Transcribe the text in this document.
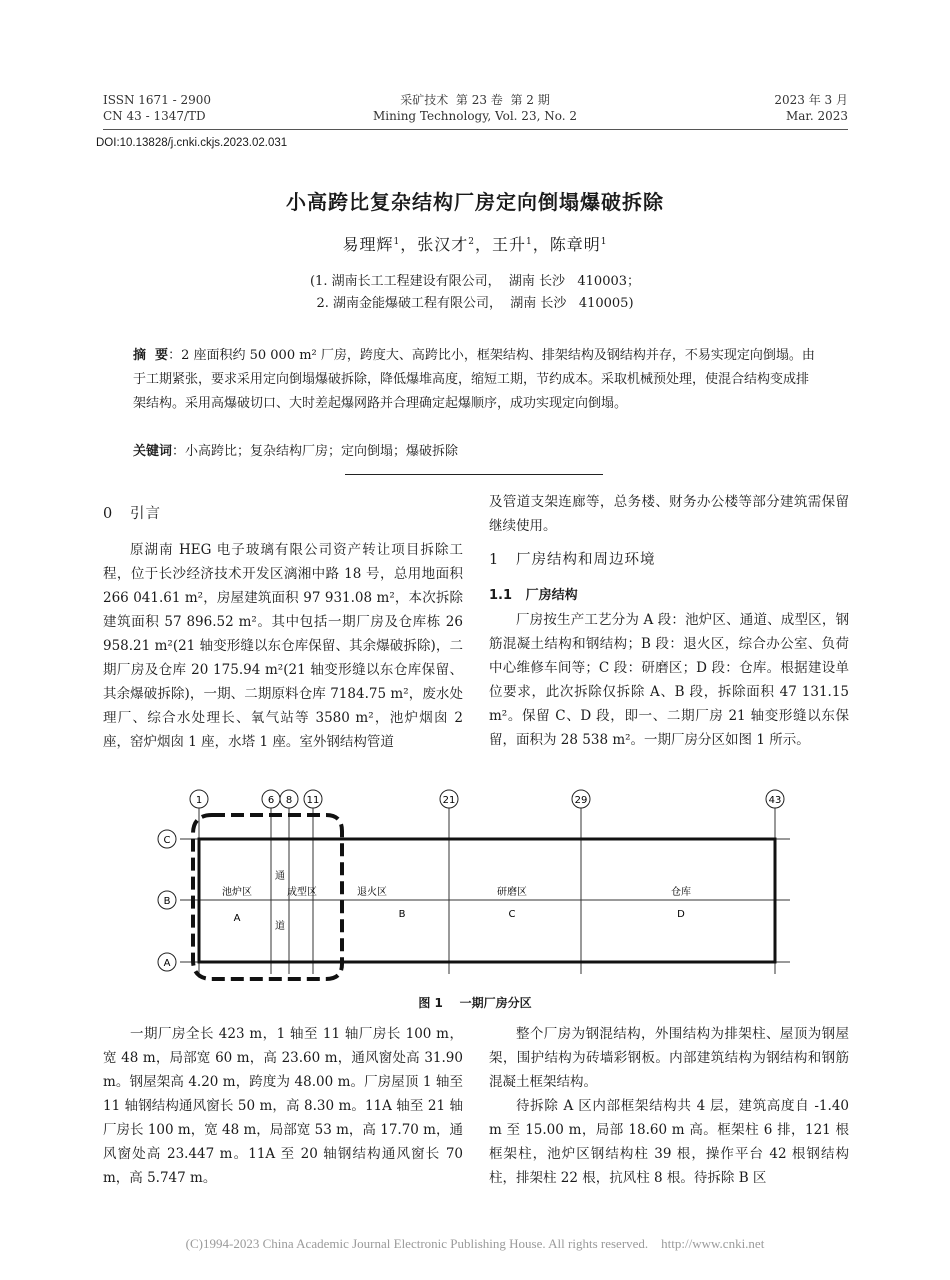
ISSN 1671 - 2900
CN 43 - 1347/TD
采矿技术  第 23 卷  第 2 期
Mining Technology, Vol. 23, No. 2
2023 年 3 月
Mar. 2023
DOI:10.13828/j.cnki.ckjs.2023.02.031
小高跨比复杂结构厂房定向倒塌爆破拆除
易理辉$^1$，张汉才$^2$，王升$^1$，陈章明$^1$
(1. 湖南长工工程建设有限公司，  湖南 长沙   410003；
2. 湖南金能爆破工程有限公司，  湖南 长沙   410005)
摘  要：2 座面积约 50 000 m² 厂房，跨度大、高跨比小，框架结构、排架结构及钢结构并存，不易实现定向倒塌。由于工期紧张，要求采用定向倒塌爆破拆除，降低爆堆高度，缩短工期，节约成本。采取机械预处理，使混合结构变成排架结构。采用高爆破切口、大时差起爆网路并合理确定起爆顺序，成功实现定向倒塌。
关键词：小高跨比；复杂结构厂房；定向倒塌；爆破拆除
0   引言

原湖南 HEG 电子玻璃有限公司资产转让项目拆除工程，位于长沙经济技术开发区漓湘中路 18 号，总用地面积 266 041.61 m²，房屋建筑面积 97 931.08 m²，本次拆除建筑面积 57 896.52 m²。其中包括一期厂房及仓库栋 26 958.21 m²(21 轴变形缝以东仓库保留、其余爆破拆除)，二期厂房及仓库 20 175.94 m²(21 轴变形缝以东仓库保留、其余爆破拆除)，一期、二期原料仓库 7184.75 m²，废水处理厂、综合水处理长、氧气站等 3580 m²，池炉烟囱 2 座，窑炉烟囱 1 座，水塔 1 座。室外钢结构管道

及管道支架连廊等，总务楼、财务办公楼等部分建筑需保留继续使用。

1   厂房结构和周边环境
1.1   厂房结构

厂房按生产工艺分为 A 段：池炉区、通道、成型区，钢筋混凝土结构和钢结构；B 段：退火区，综合办公室、负荷中心维修车间等；C 段：研磨区；D 段：仓库。根据建设单位要求，此次拆除仅拆除 A、B 段，拆除面积 47 131.15 m²。保留 C、D 段，即一、二期厂房 21 轴变形缝以东保留，面积为 28 538 m²。一期厂房分区如图 1 所示。

1	6 8 11	21	29	43
C
B
A
池炉区
A
通
道
成型区	退火区
B
研磨区
C
仓库
D
图 1    一期厂房分区

一期厂房全长 423 m，1 轴至 11 轴厂房长 100 m，宽 48 m，局部宽 60 m，高 23.60 m，通风窗处高 31.90 m。钢屋架高 4.20 m，跨度为 48.00 m。厂房屋顶 1 轴至 11 轴钢结构通风窗长 50 m，高 8.30 m。11A 轴至 21 轴厂房长 100 m，宽 48 m，局部宽 53 m，高 17.70 m，通风窗处高 23.447 m。11A 至 20 轴钢结构通风窗长 70 m，高 5.747 m。

整个厂房为钢混结构，外围结构为排架柱、屋顶为钢屋架，围护结构为砖墙彩钢板。内部建筑结构为钢结构和钢筋混凝土框架结构。

待拆除 A 区内部框架结构共 4 层，建筑高度自 -1.40 m 至 15.00 m，局部 18.60 m 高。框架柱 6 排，121 根框架柱，池炉区钢结构柱 39 根，操作平台 42 根钢结构柱，排架柱 22 根，抗风柱 8 根。待拆除 B 区

(C)1994-2023 China Academic Journal Electronic Publishing House. All rights reserved.    http://www.cnki.net
